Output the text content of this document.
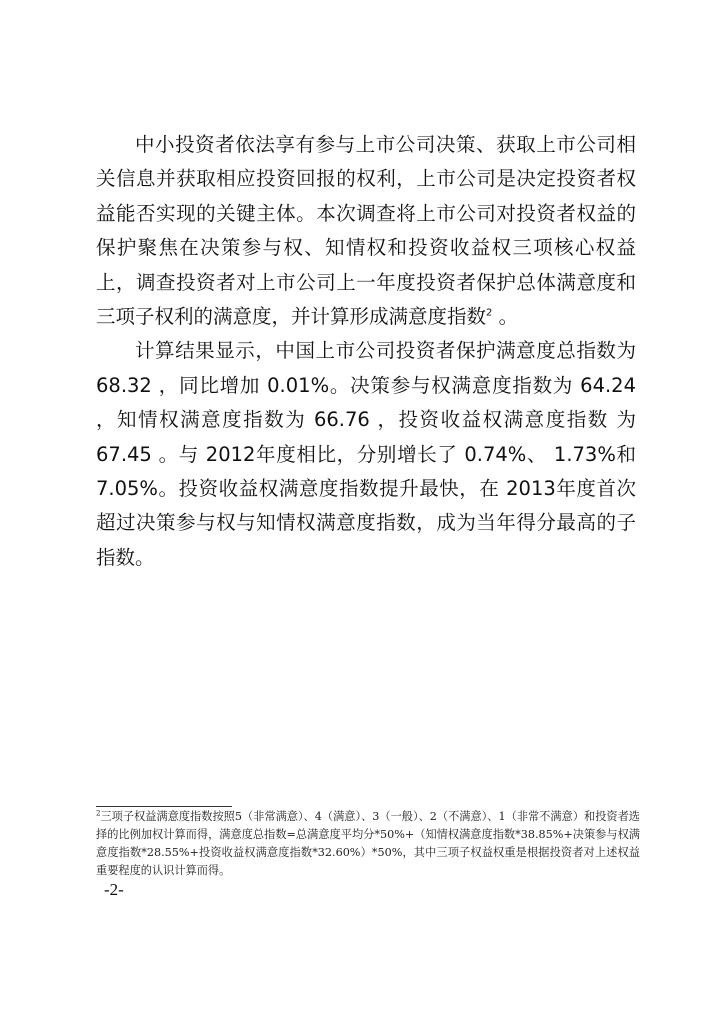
中小投资者依法享有参与上市公司决策、获取上市公司相关信息并获取相应投资回报的权利，上市公司是决定投资者权益能否实现的关键主体。本次调查将上市公司对投资者权益的保护聚焦在决策参与权、知情权和投资收益权三项核心权益上，调查投资者对上市公司上一年度投资者保护总体满意度和三项子权利的满意度，并计算形成满意度指数$^2$ 。

计算结果显示，中国上市公司投资者保护满意度总指数为 68.32 ，同比增加 0.01%。决策参与权满意度指数为 64.24 ，知情权满意度指数为 66.76 ，投资收益权满意度指数 为 67.45 。与 2012年度相比，分别增长了 0.74%、 1.73%和 7.05%。投资收益权满意度指数提升最快，在 2013年度首次超过决策参与权与知情权满意度指数，成为当年得分最高的子指数。

$^2$三项子权益满意度指数按照5（非常满意）、4（满意）、3（一般）、2（不满意）、1（非常不满意）和投资者选择的比例加权计算而得，满意度总指数=总满意度平均分*50%+（知情权满意度指数*38.85%+决策参与权满意度指数*28.55%+投资收益权满意度指数*32.60%）*50%，其中三项子权益权重是根据投资者对上述权益重要程度的认识计算而得。
-2-
